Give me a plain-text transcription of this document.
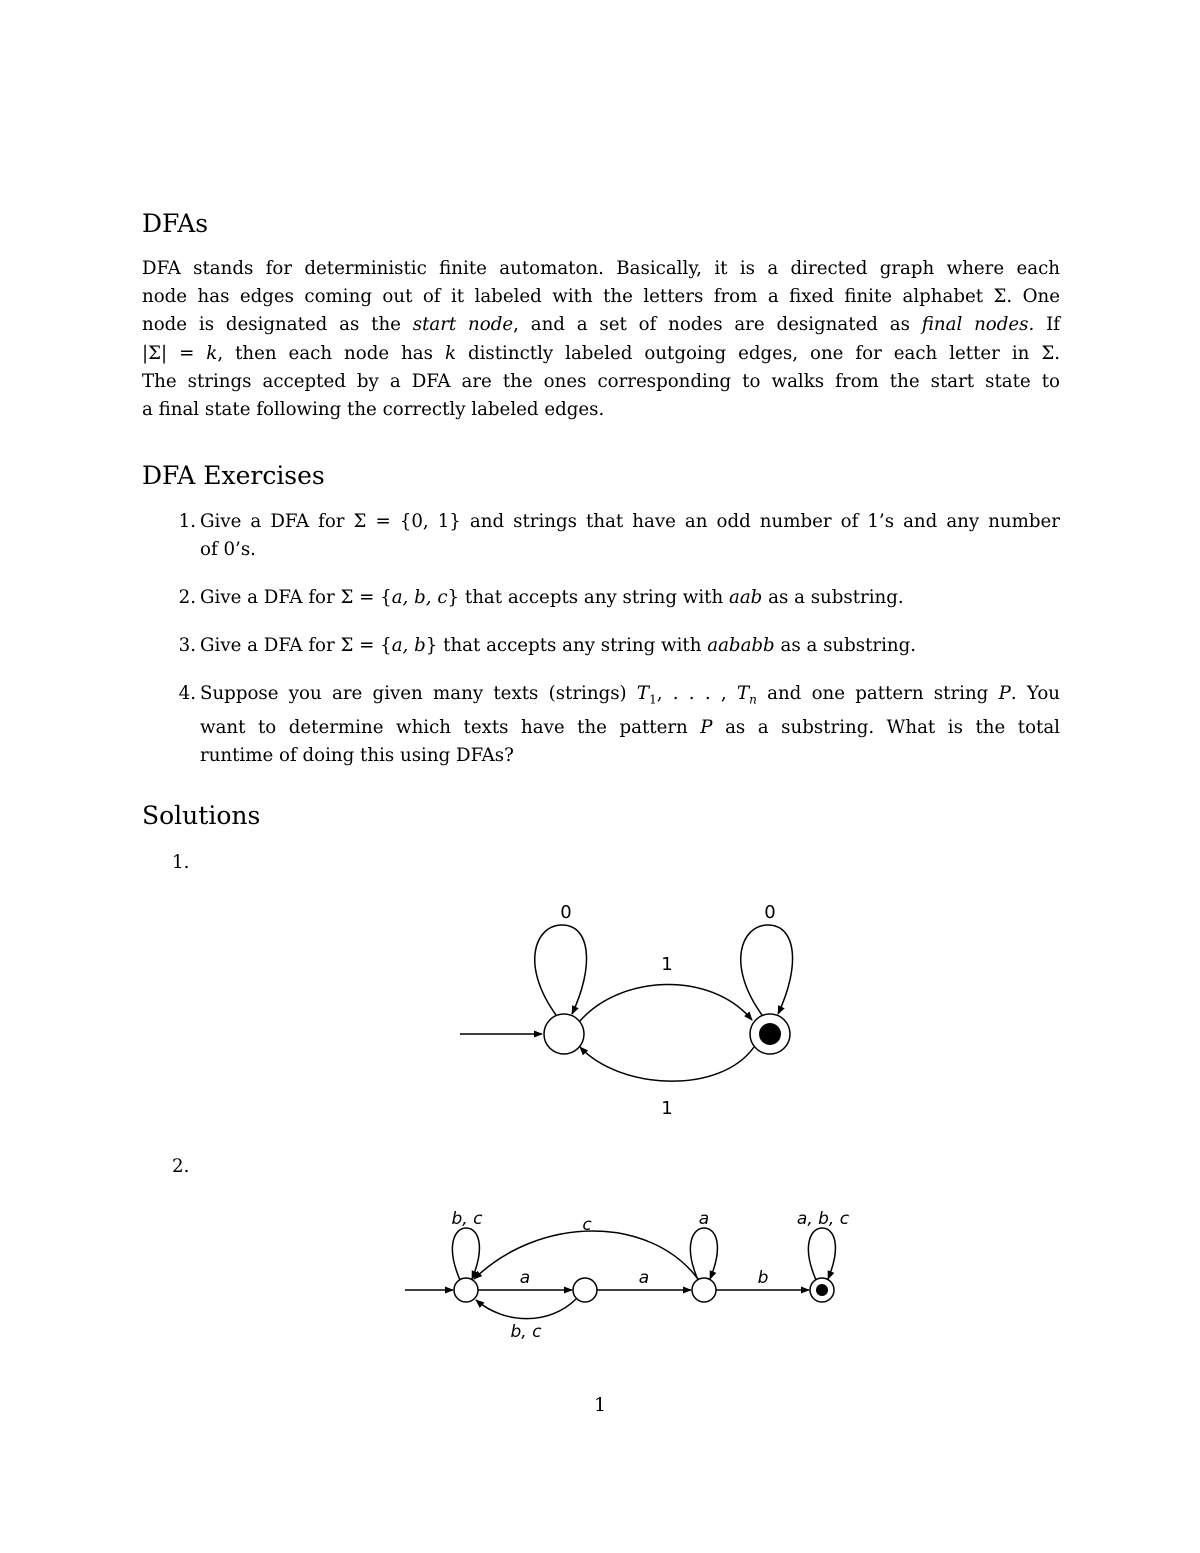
DFAs
DFA stands for deterministic finite automaton. Basically, it is a directed graph where each
node has edges coming out of it labeled with the letters from a fixed finite alphabet Σ. One
node is designated as the start node, and a set of nodes are designated as final nodes. If
|Σ| = k, then each node has k distinctly labeled outgoing edges, one for each letter in Σ.
The strings accepted by a DFA are the ones corresponding to walks from the start state to
a final state following the correctly labeled edges.
DFA Exercises
1. Give a DFA for Σ = {0, 1} and strings that have an odd number of 1’s and any number
of 0’s.
2. Give a DFA for Σ = {a, b, c} that accepts any string with aab as a substring.
3. Give a DFA for Σ = {a, b} that accepts any string with aababb as a substring.
4. Suppose you are given many texts (strings) $T_1$, . . . , $T_n$ and one pattern string P. You
want to determine which texts have the pattern P as a substring. What is the total
runtime of doing this using DFAs?
Solutions
1.
2.
0	0
1
1
b, c	c	a	a, b, c
a	a	b
b, c
1
